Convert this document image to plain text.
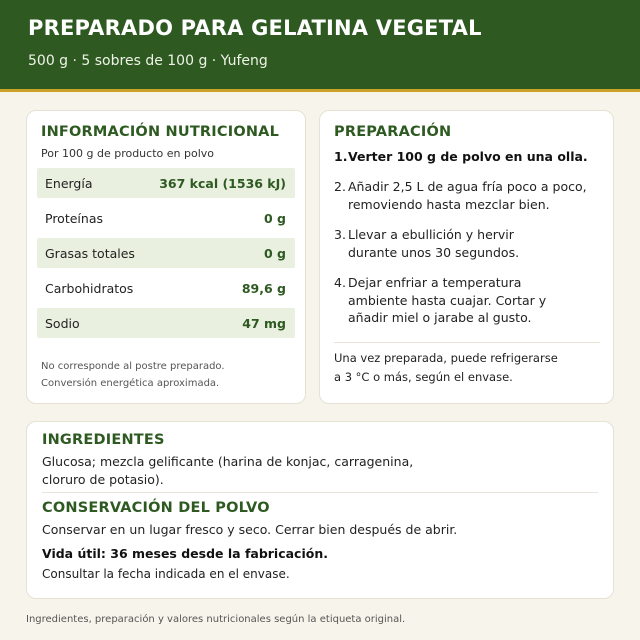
PREPARADO PARA GELATINA VEGETAL
500 g · 5 sobres de 100 g · Yufeng
INFORMACIÓN NUTRICIONAL
Por 100 g de producto en polvo
Energía	367 kcal (1536 kJ)
Proteínas	0 g
Grasas totales	0 g
Carbohidratos	89,6 g
Sodio	47 mg
No corresponde al postre preparado.
Conversión energética aproximada.
PREPARACIÓN
1. Verter 100 g de polvo en una olla.
2. Añadir 2,5 L de agua fría poco a poco,
removiendo hasta mezclar bien.
3. Llevar a ebullición y hervir
durante unos 30 segundos.
4. Dejar enfriar a temperatura
ambiente hasta cuajar. Cortar y
añadir miel o jarabe al gusto.
Una vez preparada, puede refrigerarse
a 3 °C o más, según el envase.
INGREDIENTES
Glucosa; mezcla gelificante (harina de konjac, carragenina,
cloruro de potasio).
CONSERVACIÓN DEL POLVO
Conservar en un lugar fresco y seco. Cerrar bien después de abrir.
Vida útil: 36 meses desde la fabricación.
Consultar la fecha indicada en el envase.
Ingredientes, preparación y valores nutricionales según la etiqueta original.
